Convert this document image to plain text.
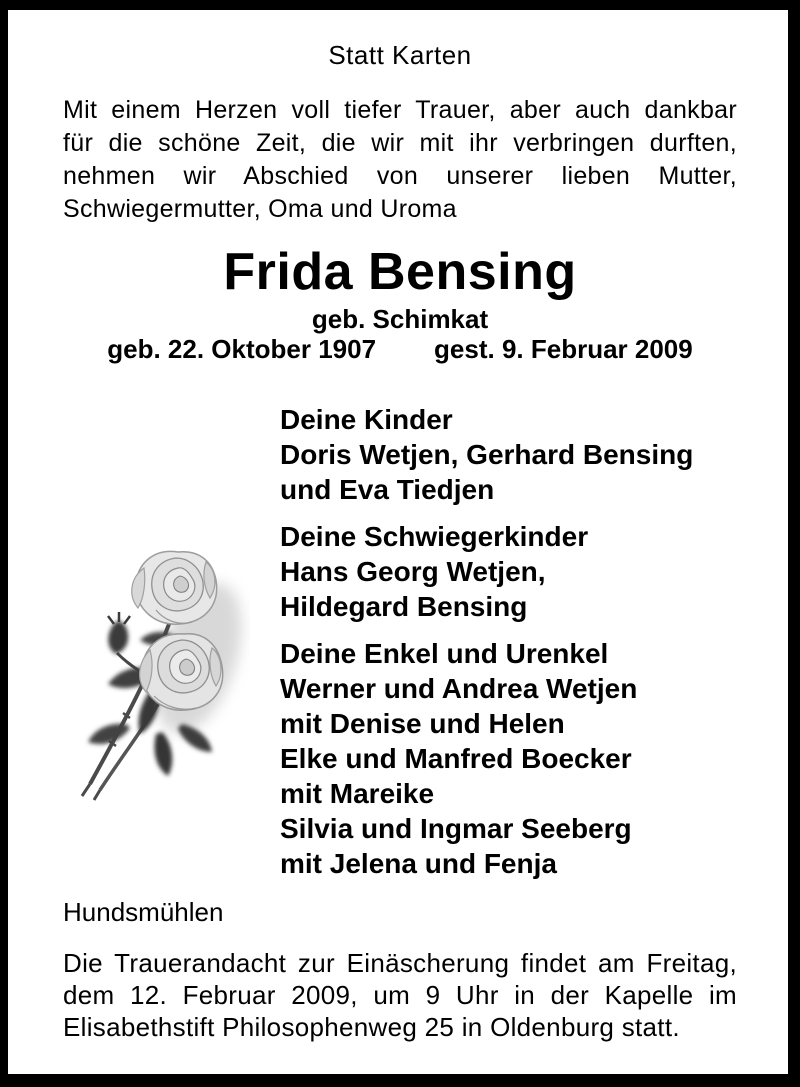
Statt Karten
Mit einem Herzen voll tiefer Trauer, aber auch dankbar
für die schöne Zeit, die wir mit ihr verbringen durften,
nehmen wir Abschied von unserer lieben Mutter,
Schwiegermutter, Oma und Uroma
Frida Bensing
geb. Schimkat
geb. 22. Oktober 1907 gest. 9. Februar 2009
Deine Kinder
Doris Wetjen, Gerhard Bensing
und Eva Tiedjen
Deine Schwiegerkinder
Hans Georg Wetjen,
Hildegard Bensing
Deine Enkel und Urenkel
Werner und Andrea Wetjen
mit Denise und Helen
Elke und Manfred Boecker
mit Mareike
Silvia und Ingmar Seeberg
mit Jelena und Fenja
Hundsmühlen
Die Trauerandacht zur Einäscherung findet am Freitag,
dem 12. Februar 2009, um 9 Uhr in der Kapelle im
Elisabethstift Philosophenweg 25 in Oldenburg statt.
